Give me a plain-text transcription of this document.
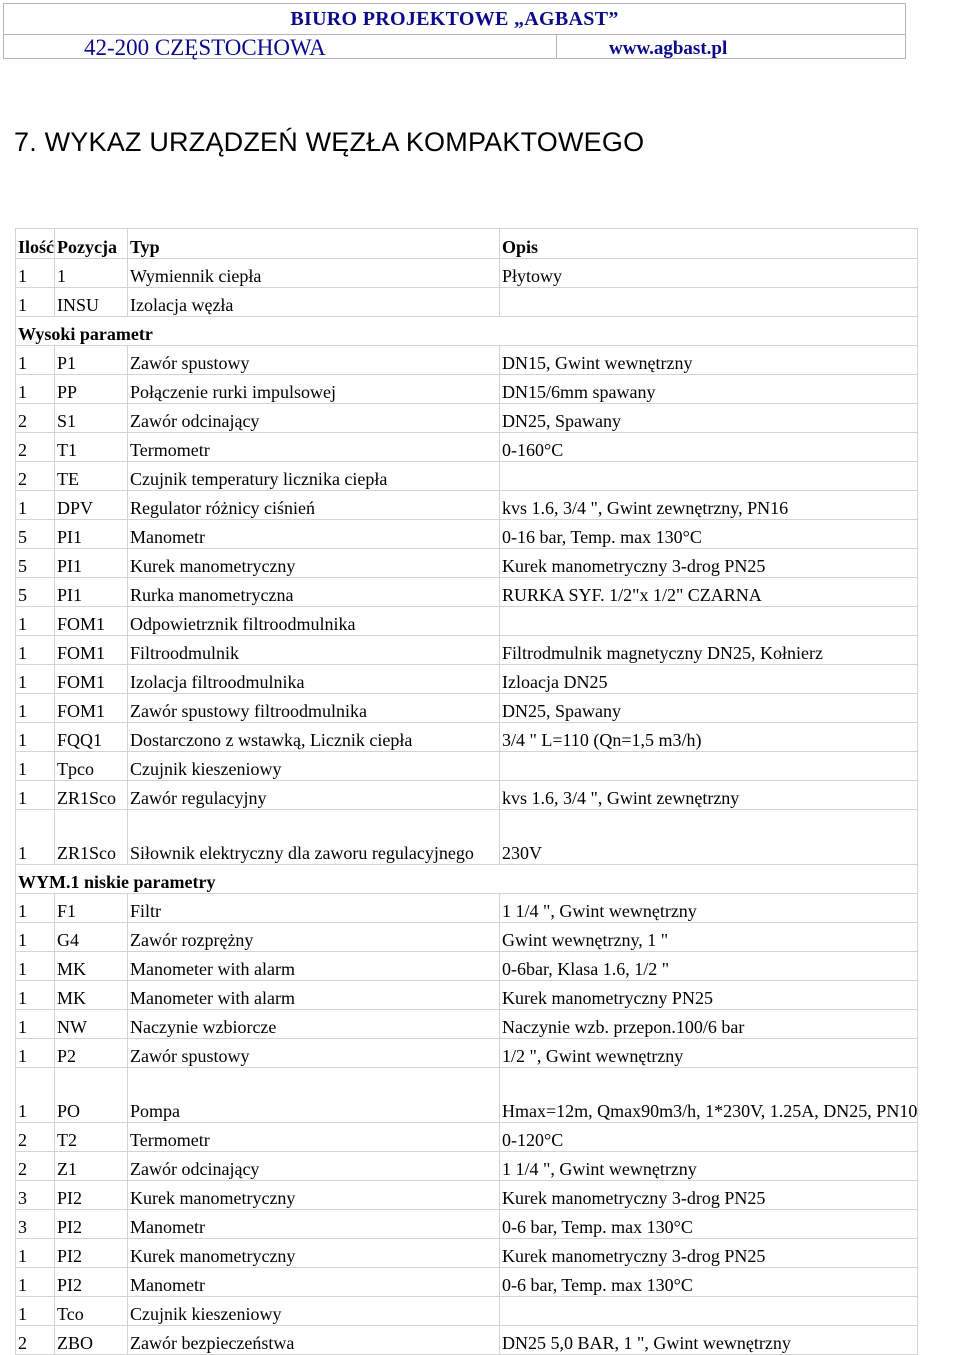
BIURO PROJEKTOWE „AGBAST”
42-200 CZĘSTOCHOWA	www.agbast.pl
7. WYKAZ URZĄDZEŃ WĘZŁA KOMPAKTOWEGO
Ilość	Pozycja	Typ	Opis
1	1	Wymiennik ciepła	Płytowy
1	INSU	Izolacja węzła	
Wysoki parametr			
1	P1	Zawór spustowy	DN15, Gwint wewnętrzny
1	PP	Połączenie rurki impulsowej	DN15/6mm spawany
2	S1	Zawór odcinający	DN25, Spawany
2	T1	Termometr	0-160°C
2	TE	Czujnik temperatury licznika ciepła	
1	DPV	Regulator różnicy ciśnień	kvs 1.6, 3/4 ", Gwint zewnętrzny, PN16
5	PI1	Manometr	0-16 bar, Temp. max 130°C
5	PI1	Kurek manometryczny	Kurek manometryczny 3-drog PN25
5	PI1	Rurka manometryczna	RURKA SYF. 1/2"x 1/2" CZARNA
1	FOM1	Odpowietrznik filtroodmulnika	
1	FOM1	Filtroodmulnik	Filtrodmulnik magnetyczny DN25, Kołnierz
1	FOM1	Izolacja filtroodmulnika	Izloacja DN25
1	FOM1	Zawór spustowy filtroodmulnika	DN25, Spawany
1	FQQ1	Dostarczono z wstawką, Licznik ciepła	3/4 " L=110 (Qn=1,5 m3/h)
1	Tpco	Czujnik kieszeniowy	
1	ZR1Sco	Zawór regulacyjny	kvs 1.6, 3/4 ", Gwint zewnętrzny
1	ZR1Sco	Siłownik elektryczny dla zaworu regulacyjnego	230V
WYM.1 niskie parametry			
1	F1	Filtr	1 1/4 ", Gwint wewnętrzny
1	G4	Zawór rozprężny	Gwint wewnętrzny, 1 "
1	MK	Manometer with alarm	0-6bar, Klasa 1.6, 1/2 "
1	MK	Manometer with alarm	Kurek manometryczny PN25
1	NW	Naczynie wzbiorcze	Naczynie wzb. przepon.100/6 bar
1	P2	Zawór spustowy	1/2 ", Gwint wewnętrzny
1	PO	Pompa	Hmax=12m, Qmax90m3/h, 1*230V, 1.25A, DN25, PN10
2	T2	Termometr	0-120°C
2	Z1	Zawór odcinający	1 1/4 ", Gwint wewnętrzny
3	PI2	Kurek manometryczny	Kurek manometryczny 3-drog PN25
3	PI2	Manometr	0-6 bar, Temp. max 130°C
1	PI2	Kurek manometryczny	Kurek manometryczny 3-drog PN25
1	PI2	Manometr	0-6 bar, Temp. max 130°C
1	Tco	Czujnik kieszeniowy	
2	ZBO	Zawór bezpieczeństwa	DN25 5,0 BAR, 1 ", Gwint wewnętrzny
